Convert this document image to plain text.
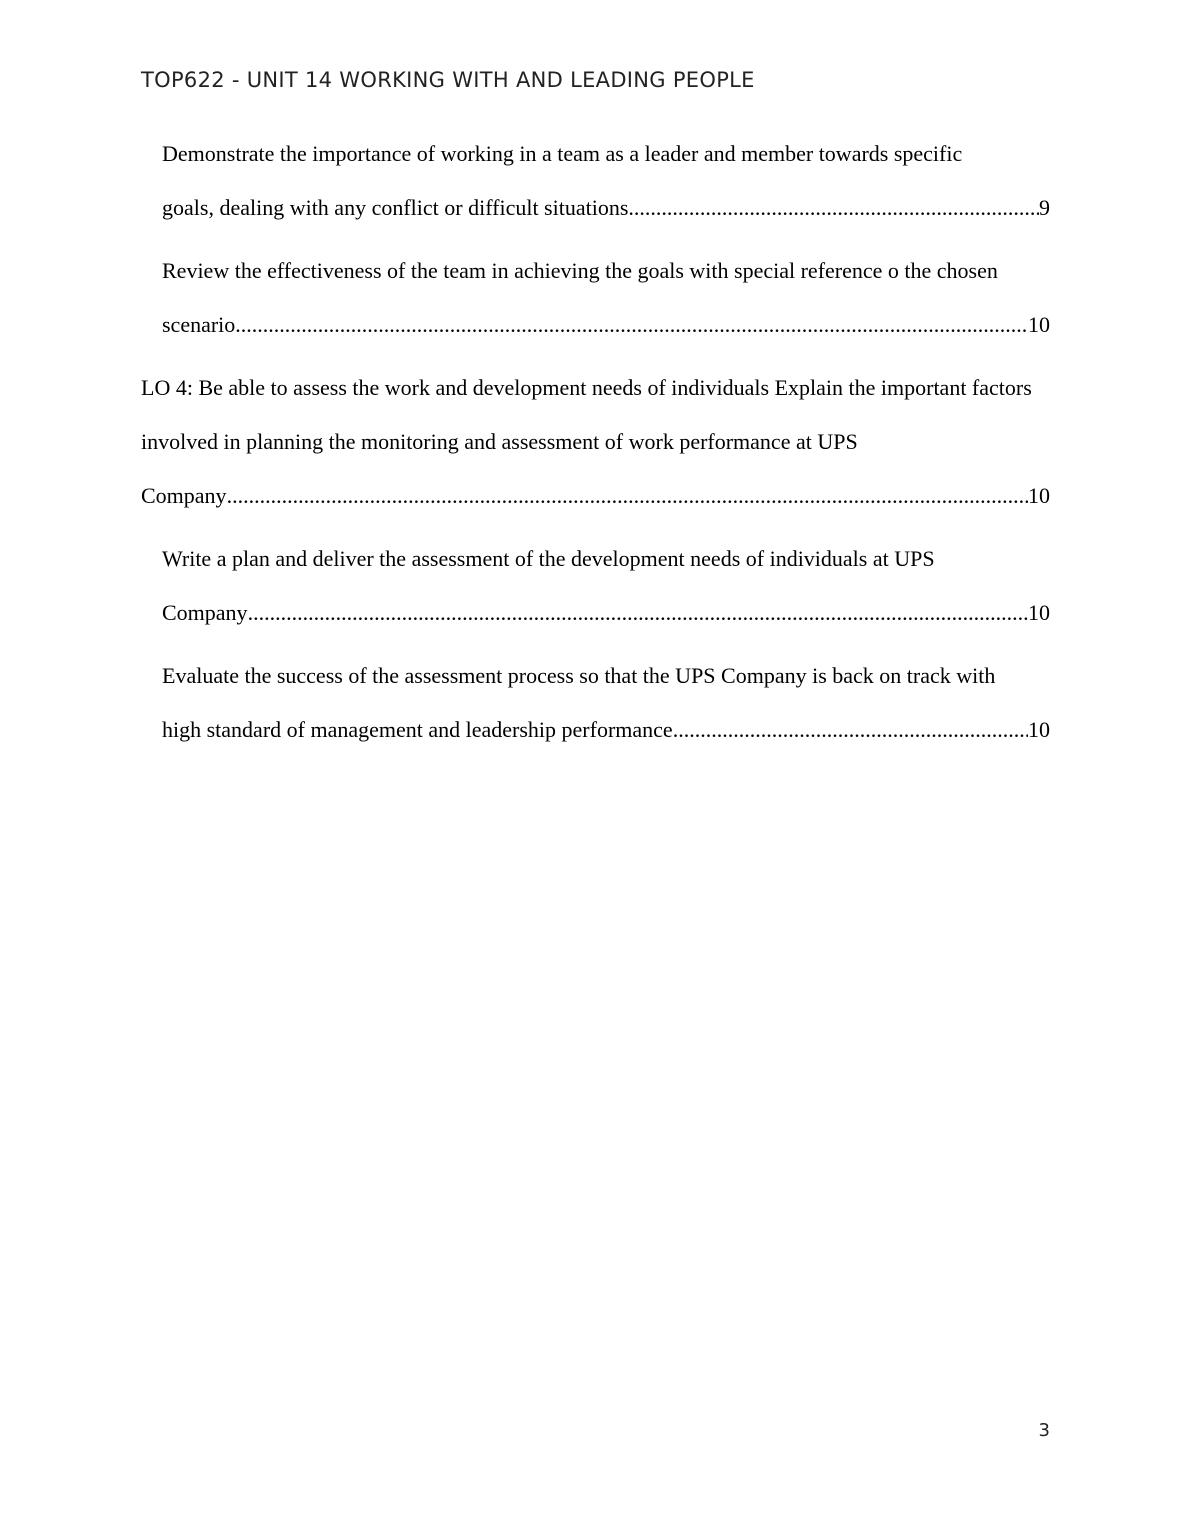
TOP622 - UNIT 14 WORKING WITH AND LEADING PEOPLE
Demonstrate the importance of working in a team as a leader and member towards specific
goals, dealing with any conflict or difficult situations .....	9
Review the effectiveness of the team in achieving the goals with special reference o the chosen
scenario .....	10
LO 4: Be able to assess the work and development needs of individuals Explain the important factors involved in planning the monitoring and assessment of work performance at UPS
Company .....	10
Write a plan and deliver the assessment of the development needs of individuals at UPS
Company .....	10
Evaluate the success of the assessment process so that the UPS Company is back on track with
high standard of management and leadership performance .....	10
3
